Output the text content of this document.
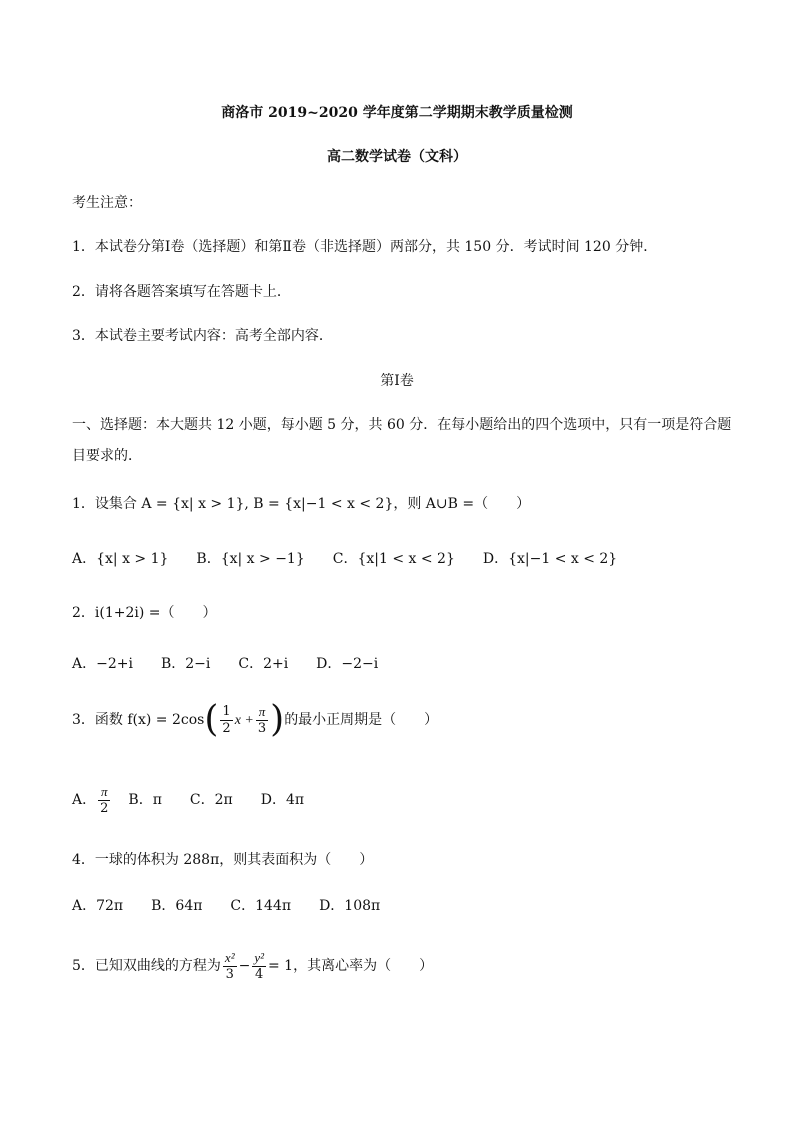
商洛市 2019~2020 学年度第二学期期末教学质量检测
高二数学试卷（文科）
考生注意：
1．本试卷分第Ⅰ卷（选择题）和第Ⅱ卷（非选择题）两部分，共 150 分．考试时间 120 分钟．
2．请将各题答案填写在答题卡上．
3．本试卷主要考试内容：高考全部内容．
第Ⅰ卷
一、选择题：本大题共 12 小题，每小题 5 分，共 60 分．在每小题给出的四个选项中，只有一项是符合题
目要求的．
1．设集合 A = {x| x > 1}, B = {x|−1 < x < 2}，则 A∪B =（　　）
A．{x| x > 1}　　B．{x| x > −1}　　C．{x|1 < x < 2}　　D．{x|−1 < x < 2}
2．i(1+2i) =（　　）
A．−2+i　　B．2−i　　C．2+i　　D．−2−i
3．函数 $f(x) = 2\cos( \frac{1}{2}$ $x + \frac{\pi}{3}$ )的最小正周期是（　　）
A． $\frac{\pi}{2}$ B．π　　C．2π　　D．4π
4．一球的体积为 288π，则其表面积为（　　）
A．72π　　B．64π　　C．144π　　D．108π
5．已知双曲线的方程为 $\frac{\text{x²}}{3} - \frac{\text{y²}}{4} = 1$，其离心率为（　　）
